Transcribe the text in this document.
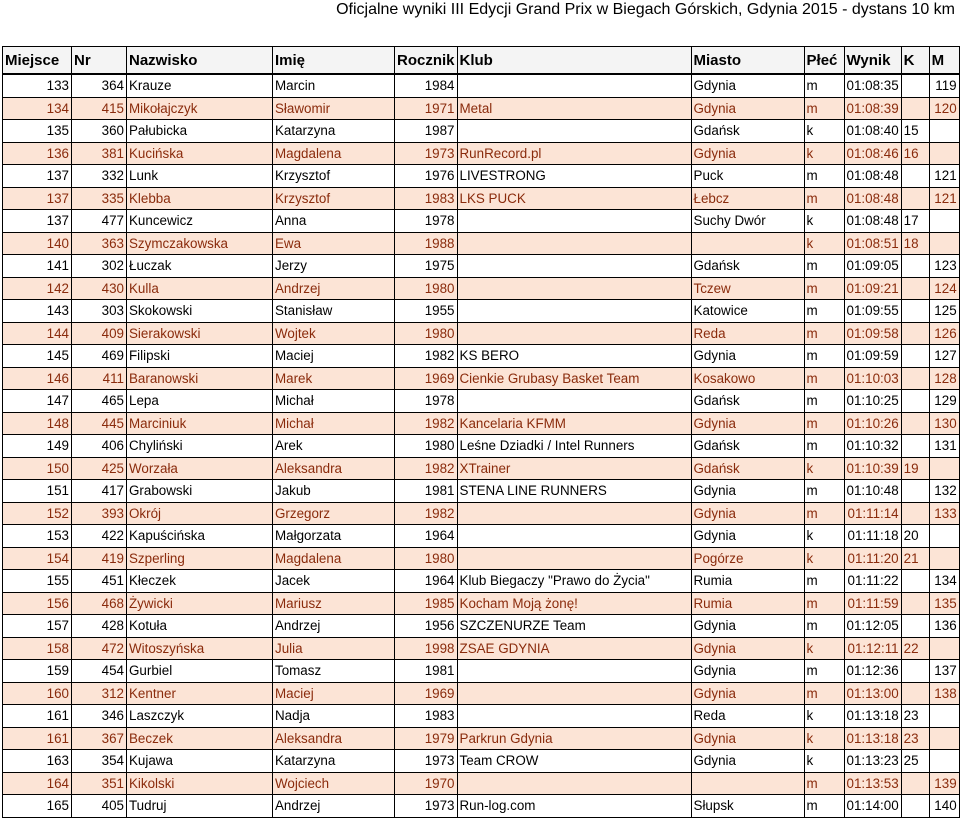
Oficjalne wyniki III Edycji Grand Prix w Biegach Górskich, Gdynia 2015 - dystans 10 km
Miejsce	Nr	Nazwisko	Imię	Rocznik	Klub	Miasto	Płeć	Wynik	K	M
133	364	Krauze	Marcin	1984		Gdynia	m	01:08:35		119
134	415	Mikołajczyk	Sławomir	1971	Metal	Gdynia	m	01:08:39		120
135	360	Pałubicka	Katarzyna	1987		Gdańsk	k	01:08:40	15	
136	381	Kucińska	Magdalena	1973	RunRecord.pl	Gdynia	k	01:08:46	16	
137	332	Lunk	Krzysztof	1976	LIVESTRONG	Puck	m	01:08:48		121
137	335	Klebba	Krzysztof	1983	LKS PUCK	Łebcz	m	01:08:48		121
137	477	Kuncewicz	Anna	1978		Suchy Dwór	k	01:08:48	17	
140	363	Szymczakowska	Ewa	1988			k	01:08:51	18	
141	302	Łuczak	Jerzy	1975		Gdańsk	m	01:09:05		123
142	430	Kulla	Andrzej	1980		Tczew	m	01:09:21		124
143	303	Skokowski	Stanisław	1955		Katowice	m	01:09:55		125
144	409	Sierakowski	Wojtek	1980		Reda	m	01:09:58		126
145	469	Filipski	Maciej	1982	KS BERO	Gdynia	m	01:09:59		127
146	411	Baranowski	Marek	1969	Cienkie Grubasy Basket Team	Kosakowo	m	01:10:03		128
147	465	Lepa	Michał	1978		Gdańsk	m	01:10:25		129
148	445	Marciniuk	Michał	1982	Kancelaria KFMM	Gdynia	m	01:10:26		130
149	406	Chyliński	Arek	1980	Leśne Dziadki / Intel Runners	Gdańsk	m	01:10:32		131
150	425	Worzała	Aleksandra	1982	XTrainer	Gdańsk	k	01:10:39	19	
151	417	Grabowski	Jakub	1981	STENA LINE RUNNERS	Gdynia	m	01:10:48		132
152	393	Okrój	Grzegorz	1982		Gdynia	m	01:11:14		133
153	422	Kapuścińska	Małgorzata	1964		Gdynia	k	01:11:18	20	
154	419	Szperling	Magdalena	1980		Pogórze	k	01:11:20	21	
155	451	Kłeczek	Jacek	1964	Klub Biegaczy "Prawo do Życia"	Rumia	m	01:11:22		134
156	468	Żywicki	Mariusz	1985	Kocham Moją żonę!	Rumia	m	01:11:59		135
157	428	Kotuła	Andrzej	1956	SZCZENURZE Team	Gdynia	m	01:12:05		136
158	472	Witoszyńska	Julia	1998	ZSAE GDYNIA	Gdynia	k	01:12:11	22	
159	454	Gurbiel	Tomasz	1981		Gdynia	m	01:12:36		137
160	312	Kentner	Maciej	1969		Gdynia	m	01:13:00		138
161	346	Laszczyk	Nadja	1983		Reda	k	01:13:18	23	
161	367	Beczek	Aleksandra	1979	Parkrun Gdynia	Gdynia	k	01:13:18	23	
163	354	Kujawa	Katarzyna	1973	Team CROW	Gdynia	k	01:13:23	25	
164	351	Kikolski	Wojciech	1970			m	01:13:53		139
165	405	Tudruj	Andrzej	1973	Run-log.com	Słupsk	m	01:14:00		140
